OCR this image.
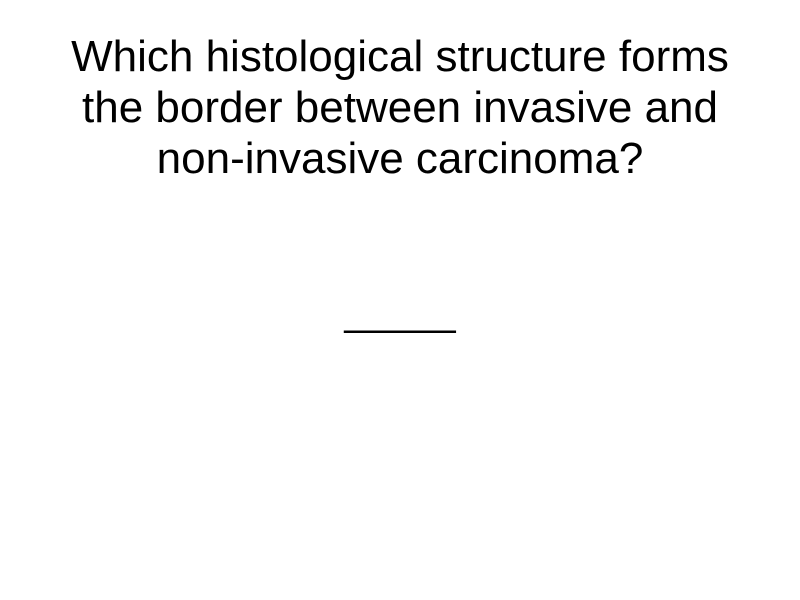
Which histological structure forms
the border between invasive and
non-invasive carcinoma?
_____
